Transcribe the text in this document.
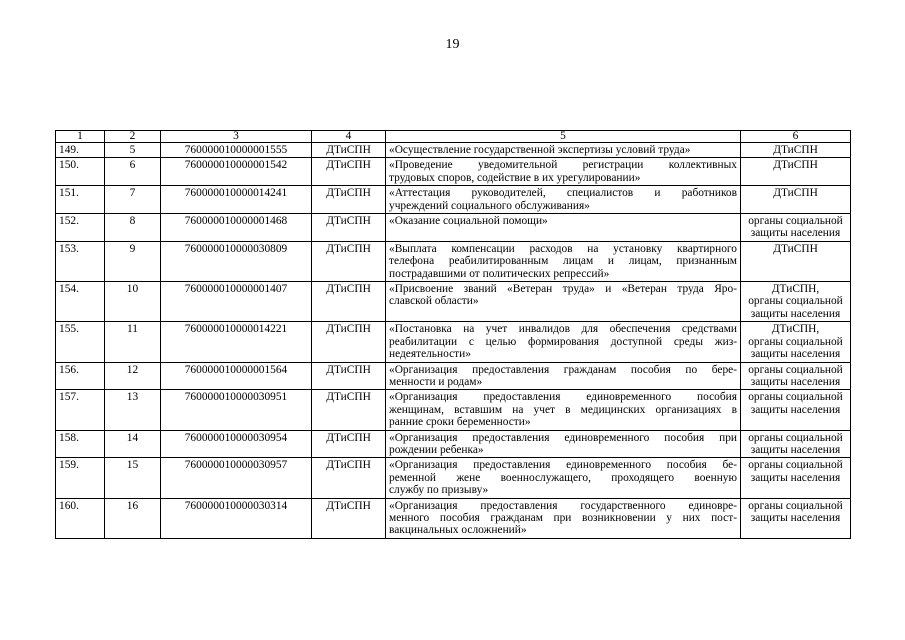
19
1	2	3	4	5	6
149.	5	760000010000001555	ДТиСПН	«Осуществление государственной экспертизы условий труда»	ДТиСПН

150.	6	760000010000001542	ДТиСПН	«Проведение уведомительной регистрации коллективных
трудовых споров, содействие в их урегулировании»	ДТиСПН

151.	7	760000010000014241	ДТиСПН	«Аттестация руководителей, специалистов и работников
учреждений социального обслуживания»	ДТиСПН

152.	8	760000010000001468	ДТиСПН	«Оказание социальной помощи»	органы социальной
защиты населения

153.	9	760000010000030809	ДТиСПН	«Выплата компенсации расходов на установку квартирного
телефона реабилитированным лицам и лицам, признанным
пострадавшими от политических репрессий»	ДТиСПН

154.	10	760000010000001407	ДТиСПН	«Присвоение званий «Ветеран труда» и «Ветеран труда Яро-
славской области»	ДТиСПН,
органы социальной
защиты населения

155.	11	760000010000014221	ДТиСПН	«Постановка на учет инвалидов для обеспечения средствами
реабилитации с целью формирования доступной среды жиз-
недеятельности»	ДТиСПН,
органы социальной
защиты населения

156.	12	760000010000001564	ДТиСПН	«Организация предоставления гражданам пособия по бере-
менности и родам»	органы социальной
защиты населения

157.	13	760000010000030951	ДТиСПН	«Организация предоставления единовременного пособия
женщинам, вставшим на учет в медицинских организациях в
ранние сроки беременности»	органы социальной
защиты населения

158.	14	760000010000030954	ДТиСПН	«Организация предоставления единовременного пособия при
рождении ребенка»	органы социальной
защиты населения

159.	15	760000010000030957	ДТиСПН	«Организация предоставления единовременного пособия бе-
ременной жене военнослужащего, проходящего военную
службу по призыву»	органы социальной
защиты населения

160.	16	760000010000030314	ДТиСПН	«Организация предоставления государственного единовре-
менного пособия гражданам при возникновении у них пост-
вакцинальных осложнений»	органы социальной
защиты населения
